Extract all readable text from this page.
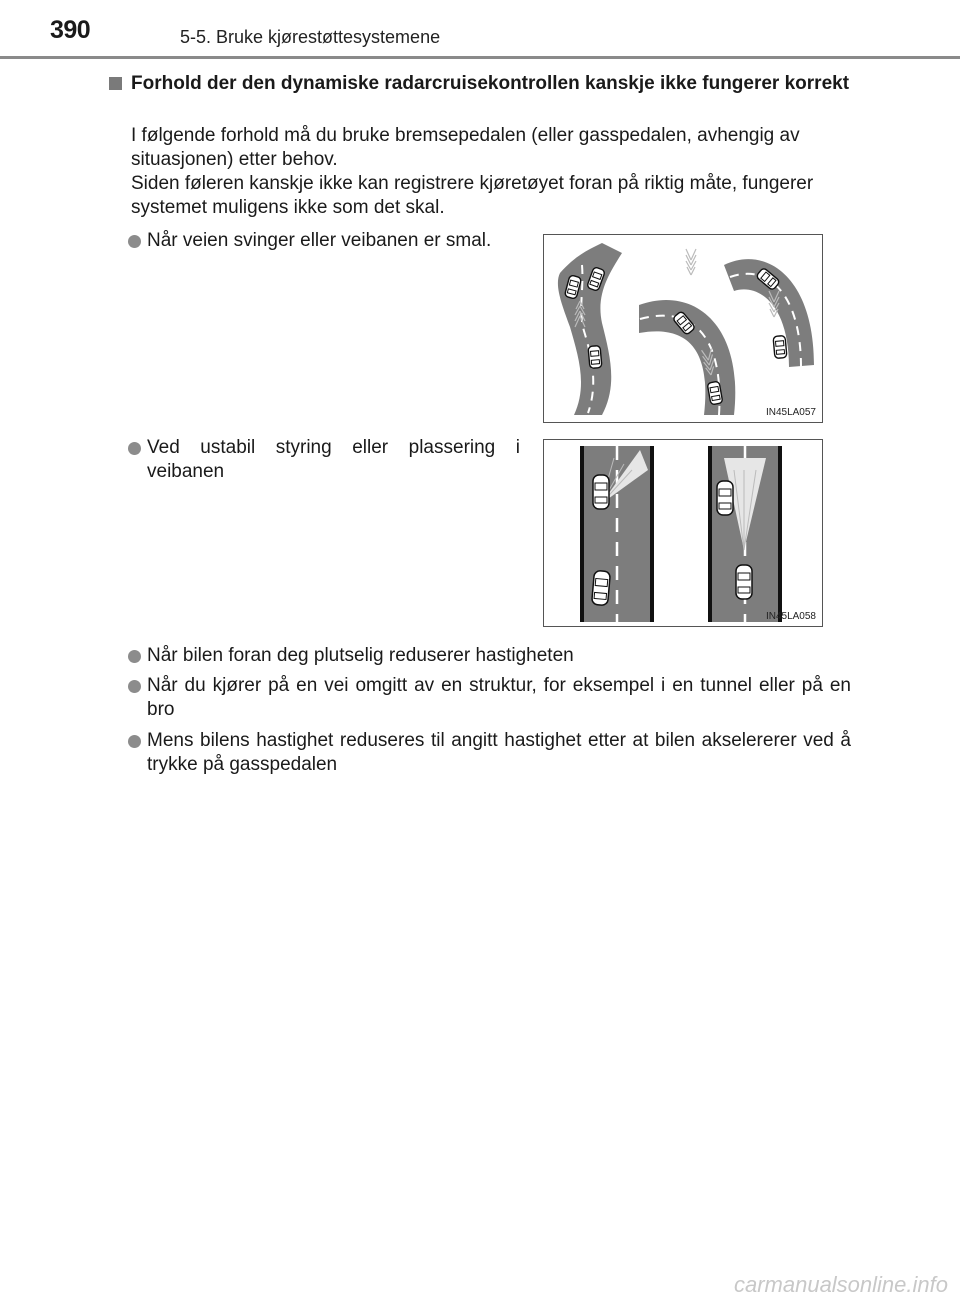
390	5-5. Bruke kjørestøttesystemene
Forhold der den dynamiske radarcruisekontrollen kanskje ikke fungerer korrekt

I følgende forhold må du bruke bremsepedalen (eller gasspedalen, avhengig av situasjonen) etter behov.

Siden føleren kanskje ikke kan registrere kjøretøyet foran på riktig måte, fungerer systemet muligens ikke som det skal.

Når veien svinger eller veibanen er smal.
IN45LA057
Ved ustabil styring eller plassering i veibanen
IN45LA058
Når bilen foran deg plutselig reduserer hastigheten
Når du kjører på en vei omgitt av en struktur, for eksempel i en tunnel eller på en bro
Mens bilens hastighet reduseres til angitt hastighet etter at bilen akselererer ved å trykke på gasspedalen
carmanualsonline.info
